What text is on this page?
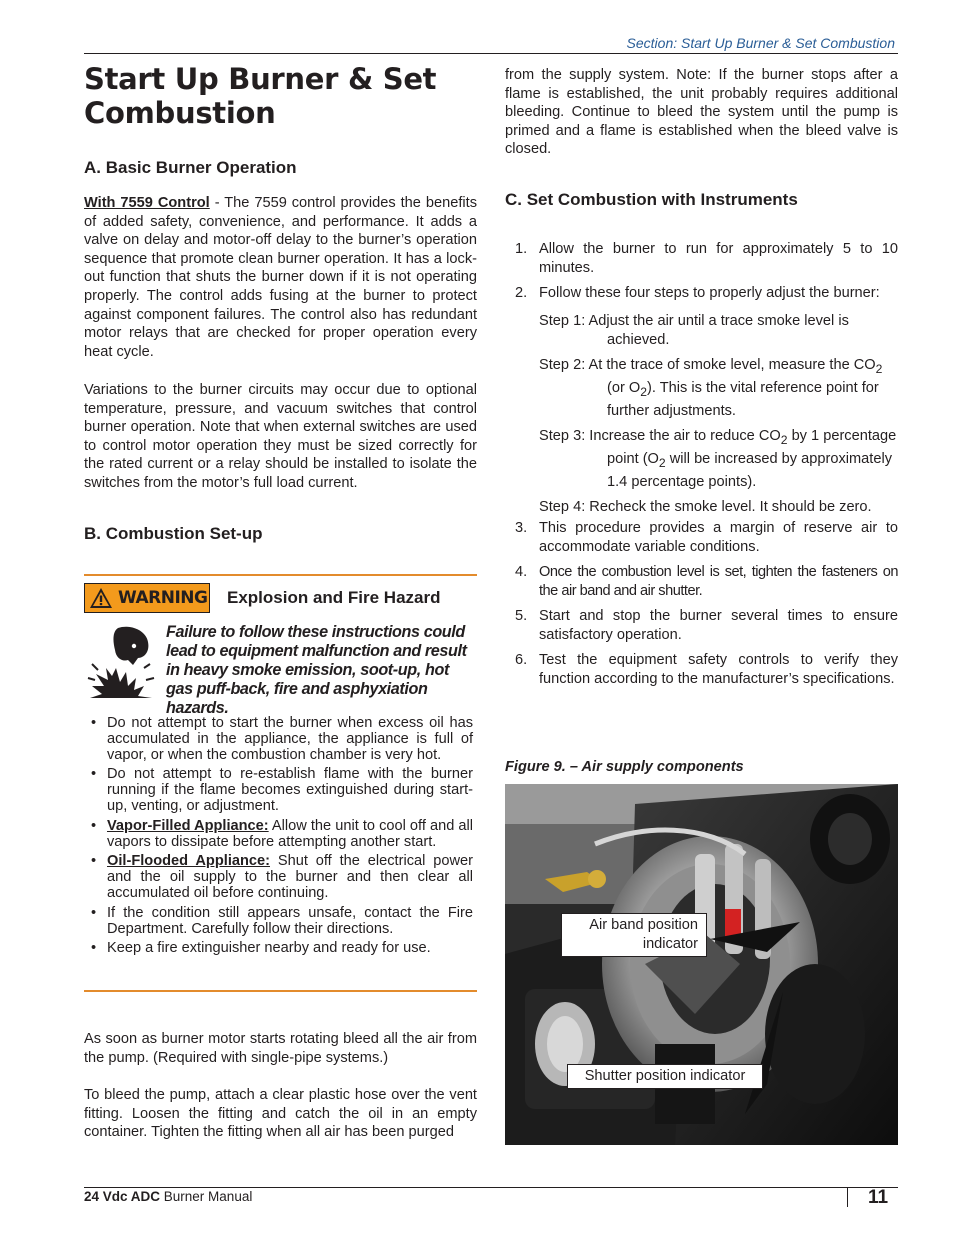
Section: Start Up Burner & Set Combustion
Start Up Burner & Set Combustion
A. Basic Burner Operation

With 7559 Control - The 7559 control provides the benefits of added safety, convenience, and performance. It adds a valve on delay and motor-off delay to the burner’s operation sequence that promote clean burner operation. It has a lock-out function that shuts the burner down if it is not operating properly. The control adds fusing at the burner to protect against component failures. The control also has redundant motor relays that are checked for proper operation every heat cycle.

Variations to the burner circuits may occur due to optional temperature, pressure, and vacuum switches that control burner operation. Note that when external switches are used to control motor operation they must be sized correctly for the rated current or a relay should be installed to isolate the switches from the motor’s full load current.

B. Combustion Set-up
WARNING Explosion and Fire Hazard
Failure to follow these instructions could lead to equipment malfunction and result in heavy smoke emission, soot-up, hot gas puff-back, fire and asphyxiation hazards.
• Do not attempt to start the burner when excess oil has accumulated in the appliance, the appliance is full of vapor, or when the combustion chamber is very hot.
• Do not attempt to re-establish flame with the burner running if the flame becomes extinguished during start-up, venting, or adjustment.
• Vapor-Filled Appliance: Allow the unit to cool off and all vapors to dissipate before attempting another start.
• Oil-Flooded Appliance: Shut off the electrical power and the oil supply to the burner and then clear all accumulated oil before continuing.
• If the condition still appears unsafe, contact the Fire Department. Carefully follow their directions.
• Keep a fire extinguisher nearby and ready for use.

As soon as burner motor starts rotating bleed all the air from the pump. (Required with single-pipe systems.)

To bleed the pump, attach a clear plastic hose over the vent fitting. Loosen the fitting and catch the oil in an empty container. Tighten the fitting when all air has been purged

from the supply system. Note: If the burner stops after a flame is established, the unit probably requires additional bleeding. Continue to bleed the system until the pump is primed and a flame is established when the bleed valve is closed.

C. Set Combustion with Instruments
1. Allow the burner to run for approximately 5 to 10 minutes.
2. Follow these four steps to properly adjust the burner:

Step 1: Adjust the air until a trace smoke level is achieved.

Step 2: At the trace of smoke level, measure the $CO_2$ (or $O_2$). This is the vital reference point for further adjustments.

Step 3: Increase the air to reduce $CO_2$ by 1 percentage point ($O_2$ will be increased by approximately 1.4 percentage points).

Step 4: Recheck the smoke level. It should be zero.

3. This procedure provides a margin of reserve air to accommodate variable conditions.
4. Once the combustion level is set, tighten the fasteners on the air band and air shutter.
5. Start and stop the burner several times to ensure satisfactory operation.
6. Test the equipment safety controls to verify they function according to the manufacturer’s specifications.
Figure 9. – Air supply components
Air band position indicator
Shutter position indicator
24 Vdc ADC Burner Manual	11
